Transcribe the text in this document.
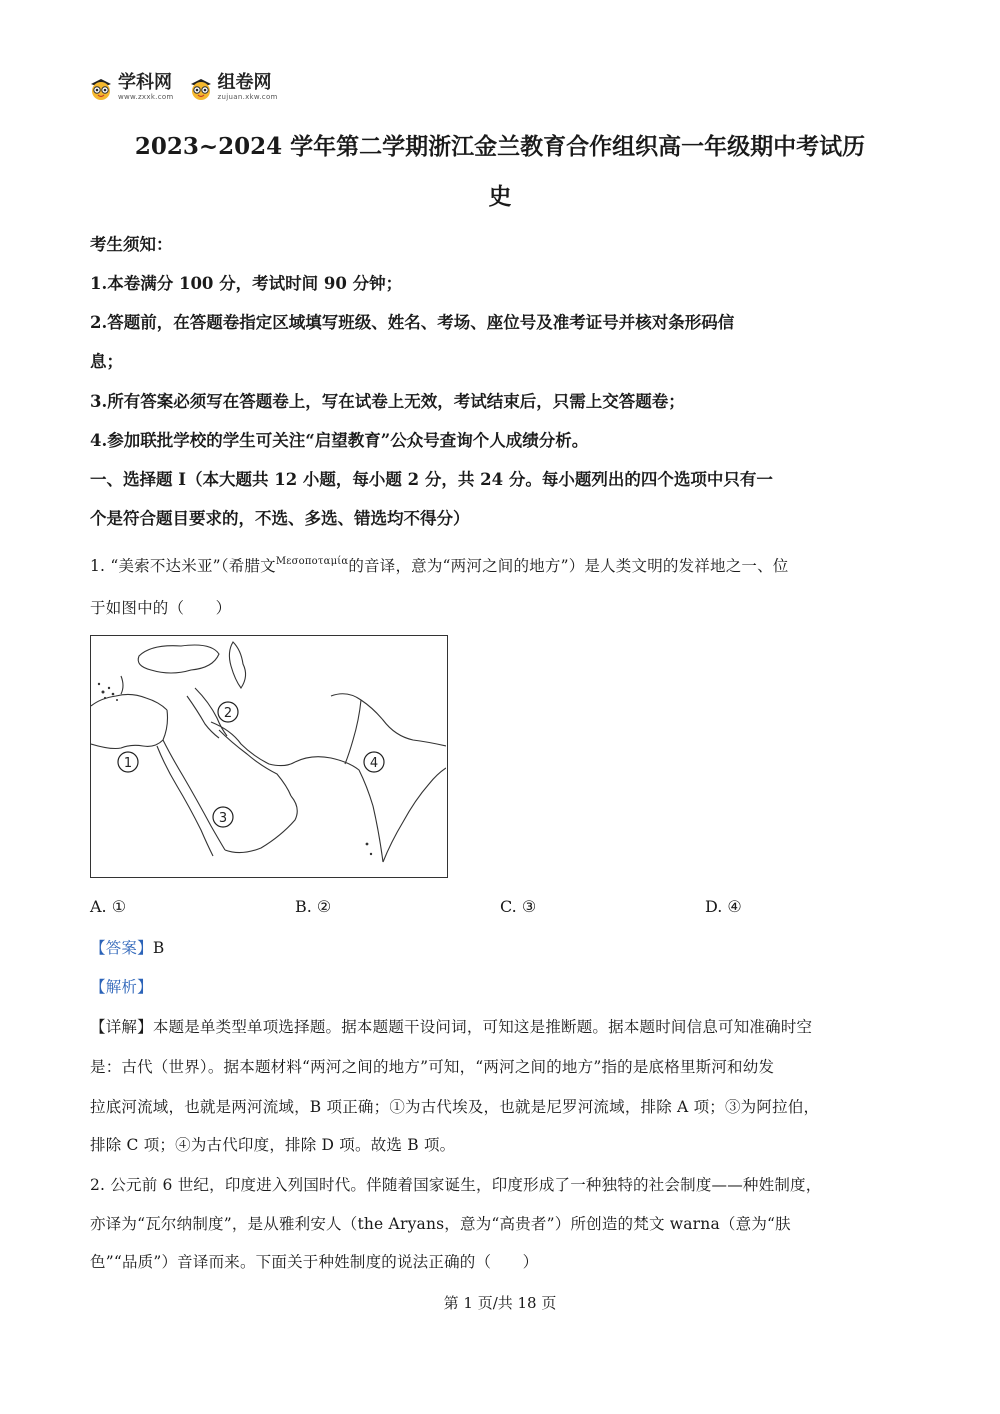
学科网
www.zxxk.com
组卷网
zujuan.xkw.com
2023~2024 学年第二学期浙江金兰教育合作组织高一年级期中考试历
史
考生须知：
1.本卷满分 100 分，考试时间 90 分钟；
2.答题前，在答题卷指定区域填写班级、姓名、考场、座位号及准考证号并核对条形码信
息；
3.所有答案必须写在答题卷上，写在试卷上无效，考试结束后，只需上交答题卷；
4.参加联批学校的学生可关注“启望教育”公众号查询个人成绩分析。
一、选择题 I（本大题共 12 小题，每小题 2 分，共 24 分。每小题列出的四个选项中只有一
个是符合题目要求的，不选、多选、错选均不得分）
1. “美索不达米亚”（希腊文$^{M\varepsilon\sigma o\pi o\tau\alpha\mu ί\alpha}$的音译，意为“两河之间的地方”）是人类文明的发祥地之一、位
于如图中的（　　）
1
2
3
4
A. ①	B. ②	C. ③	D. ④
【答案】B
【解析】
【详解】本题是单类型单项选择题。据本题题干设问词，可知这是推断题。据本题时间信息可知准确时空
是：古代（世界）。据本题材料“两河之间的地方”可知，“两河之间的地方”指的是底格里斯河和幼发
拉底河流域，也就是两河流域，B 项正确；①为古代埃及，也就是尼罗河流域，排除 A 项；③为阿拉伯，
排除 C 项；④为古代印度，排除 D 项。故选 B 项。
2. 公元前 6 世纪，印度进入列国时代。伴随着国家诞生，印度形成了一种独特的社会制度——种姓制度，
亦译为“瓦尔纳制度”，是从雅利安人（the Aryans，意为“高贵者”）所创造的梵文 warna（意为“肤
色”“品质”）音译而来。下面关于种姓制度的说法正确的（　　）
第 1 页/共 18 页
